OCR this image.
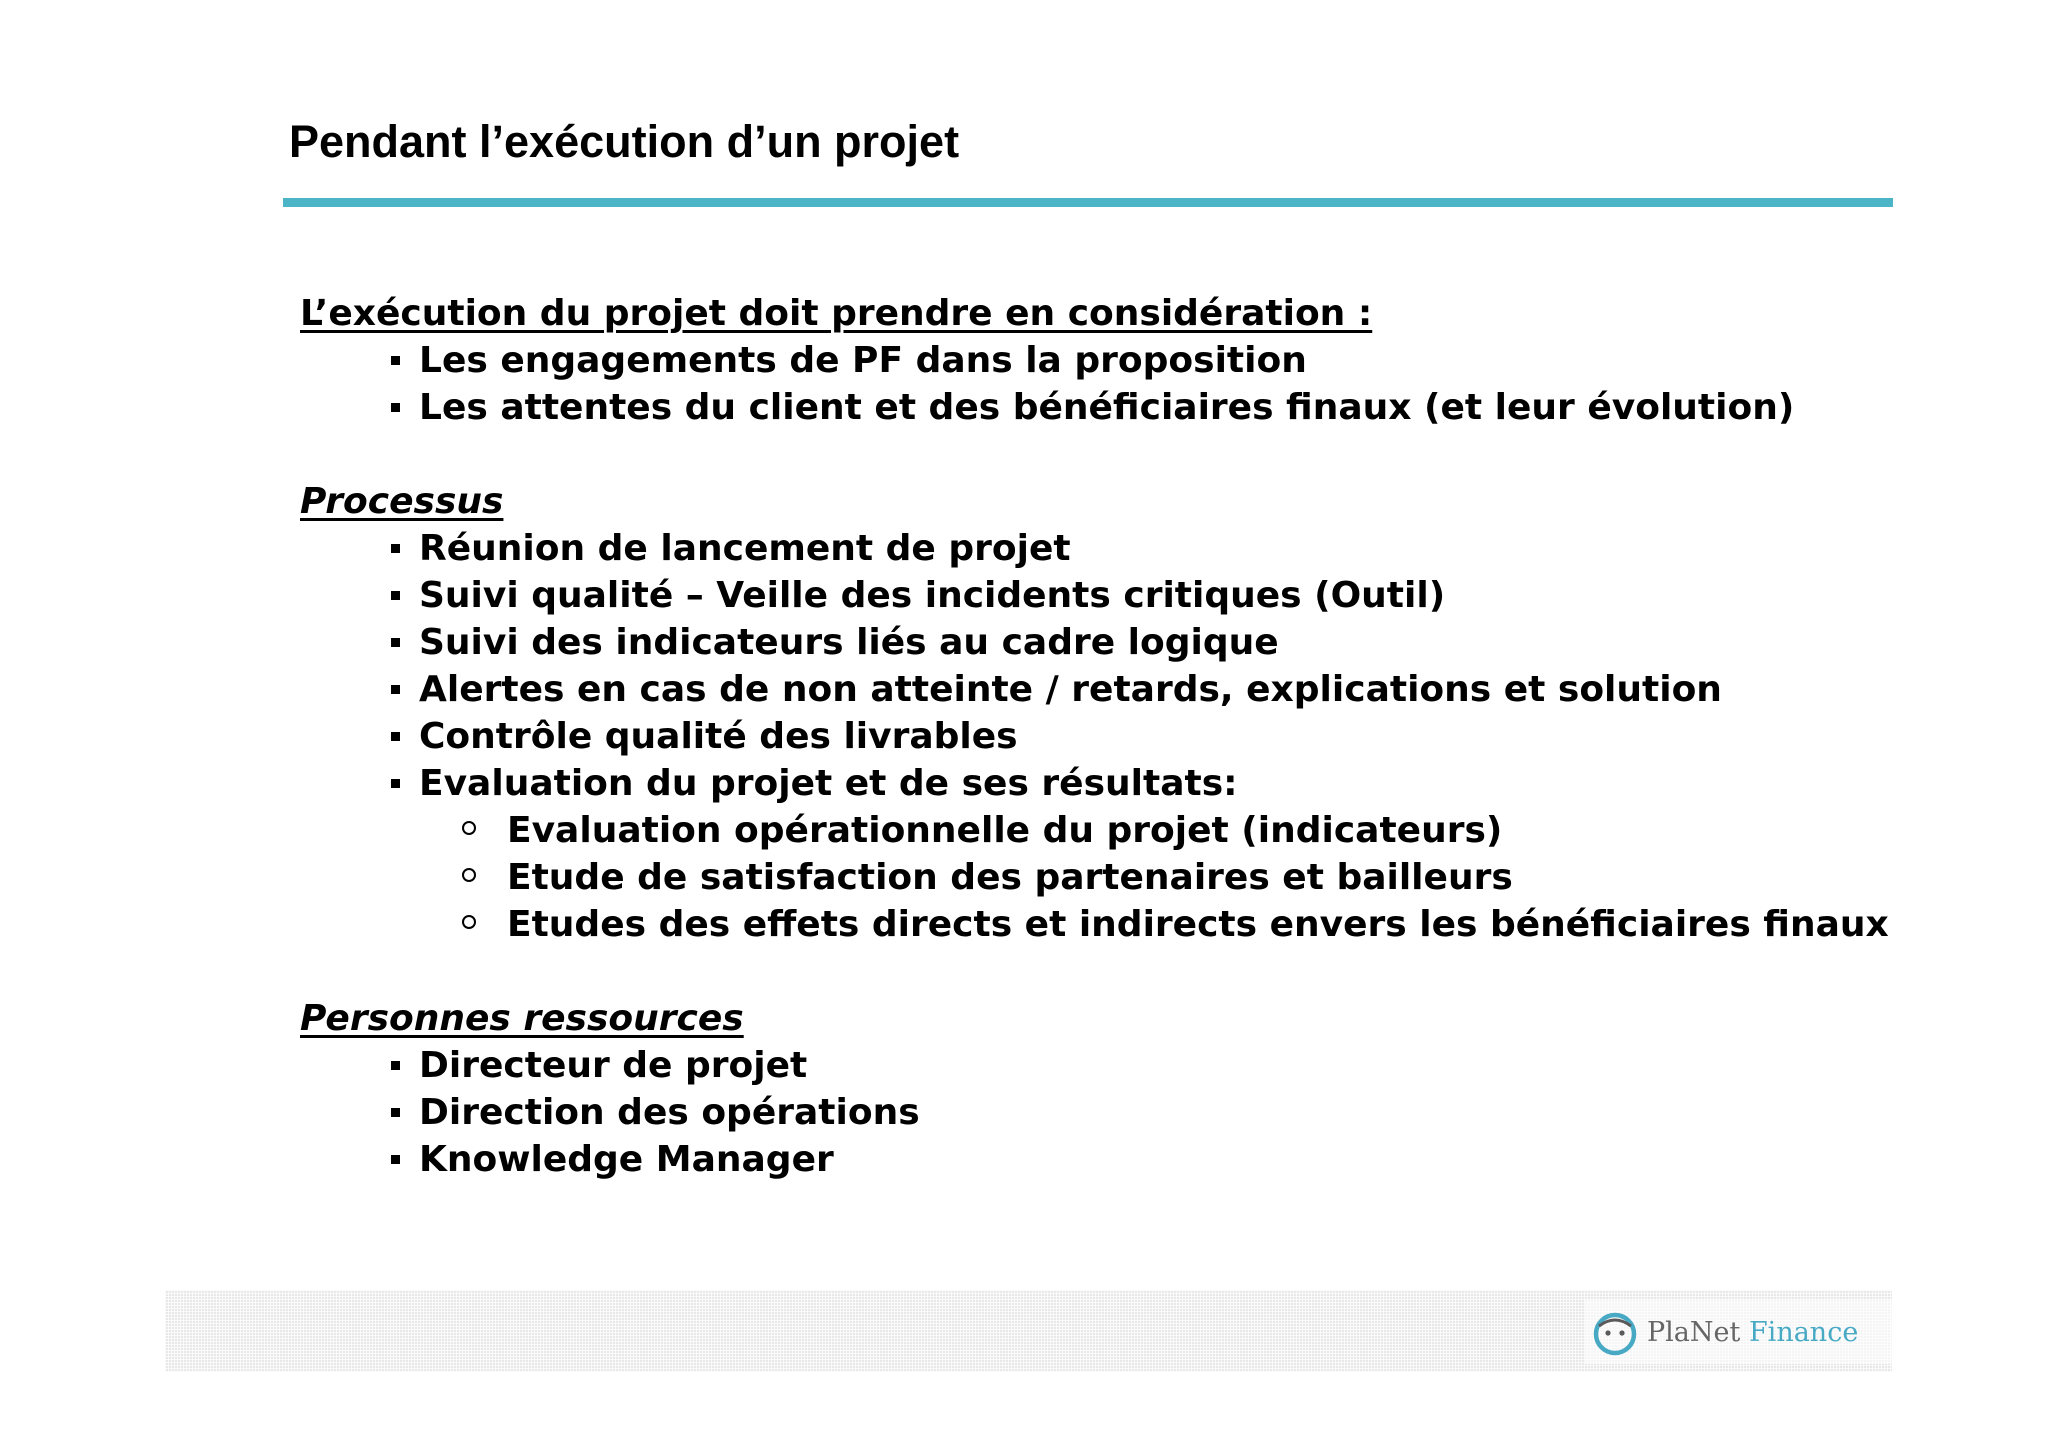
Pendant l’exécution d’un projet
L’exécution du projet doit prendre en considération :
Les engagements de PF dans la proposition
Les attentes du client et des bénéficiaires finaux (et leur évolution)
Processus
Réunion de lancement de projet
Suivi qualité – Veille des incidents critiques (Outil)
Suivi des indicateurs liés au cadre logique
Alertes en cas de non atteinte / retards, explications et solution
Contrôle qualité des livrables
Evaluation du projet et de ses résultats:
Evaluation opérationnelle du projet (indicateurs)
Etude de satisfaction des partenaires et bailleurs
Etudes des effets directs et indirects envers les bénéficiaires finaux
Personnes ressources
Directeur de projet
Direction des opérations
Knowledge Manager
PlaNet Finance
